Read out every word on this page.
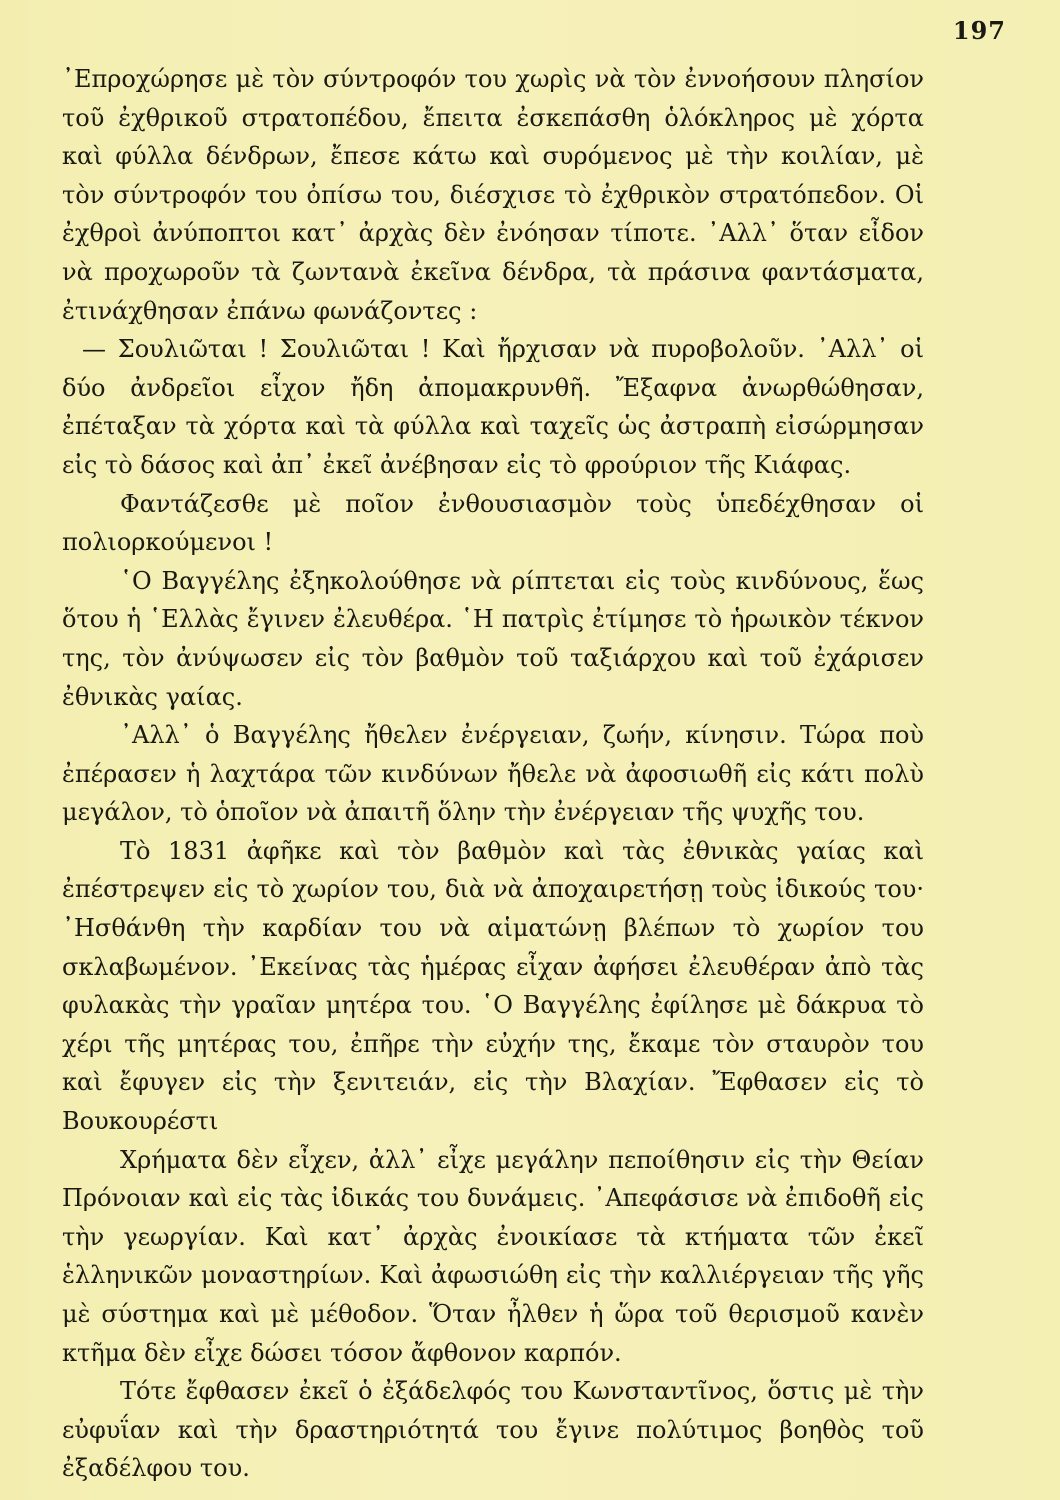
197

᾿Επροχώρησε μὲ τὸν σύντροφόν του χωρὶς νὰ τὸν ἐννοήσουν πλησίον τοῦ ἐχθρικοῦ στρατοπέδου, ἔπειτα ἐσκεπάσθη ὁλόκληρος μὲ χόρτα καὶ φύλλα δένδρων, ἔπεσε κάτω καὶ συρόμενος μὲ τὴν κοιλίαν, μὲ τὸν σύντροφόν του ὀπίσω του, διέσχισε τὸ ἐχθρικὸν στρατόπεδον. Οἱ ἐχθροὶ ἀνύποπτοι κατ᾿ ἀρχὰς δὲν ἐνόησαν τίποτε. ᾿Αλλ᾿ ὅταν εἶδον νὰ προχωροῦν τὰ ζωντανὰ ἐκεῖνα δένδρα, τὰ πράσινα φαντάσματα, ἐτινάχθησαν ἐπάνω φωνάζοντες :

— Σουλιῶται ! Σουλιῶται ! Καὶ ἤρχισαν νὰ πυροβολοῦν. ᾿Αλλ᾿ οἱ δύο ἀνδρεῖοι εἶχον ἤδη ἀπομακρυνθῆ. Ἔξαφνα ἀνωρθώθησαν, ἐπέταξαν τὰ χόρτα καὶ τὰ φύλλα καὶ ταχεῖς ὡς ἀστραπὴ εἰσώρμησαν εἰς τὸ δάσος καὶ ἀπ᾿ ἐκεῖ ἀνέβησαν εἰς τὸ φρούριον τῆς Κιάφας.

Φαντάζεσθε μὲ ποῖον ἐνθουσιασμὸν τοὺς ὑπεδέχθησαν οἱ πολιορκούμενοι !

῾Ο Βαγγέλης ἐξηκολούθησε νὰ ρίπτεται εἰς τοὺς κινδύνους, ἕως ὅτου ἡ ῾Ελλὰς ἔγινεν ἐλευθέρα. ῾Η πατρὶς ἐτίμησε τὸ ἡρωικὸν τέκνον της, τὸν ἀνύψωσεν εἰς τὸν βαθμὸν τοῦ ταξιάρχου καὶ τοῦ ἐχάρισεν ἐθνικὰς γαίας.

᾿Αλλ᾿ ὁ Βαγγέλης ἤθελεν ἐνέργειαν, ζωήν, κίνησιν. Τώρα ποὺ ἐπέρασεν ἡ λαχτάρα τῶν κινδύνων ἤθελε νὰ ἀφοσιωθῆ εἰς κάτι πολὺ μεγάλον, τὸ ὁποῖον νὰ ἀπαιτῆ ὅλην τὴν ἐνέργειαν τῆς ψυχῆς του.

Τὸ 1831 ἀφῆκε καὶ τὸν βαθμὸν καὶ τὰς ἐθνικὰς γαίας καὶ ἐπέστρεψεν εἰς τὸ χωρίον του, διὰ νὰ ἀποχαιρετήσῃ τοὺς ἰδικούς του· ᾿Ησθάνθη τὴν καρδίαν του νὰ αἱματώνῃ βλέπων τὸ χωρίον του σκλαβωμένον. ᾿Εκείνας τὰς ἡμέρας εἶχαν ἀφήσει ἐλευθέραν ἀπὸ τὰς φυλακὰς τὴν γραῖαν μητέρα του. ῾Ο Βαγγέλης ἐφίλησε μὲ δάκρυα τὸ χέρι τῆς μητέρας του, ἐπῆρε τὴν εὐχήν της, ἔκαμε τὸν σταυρὸν του καὶ ἔφυγεν εἰς τὴν ξενιτειάν, εἰς τὴν Βλαχίαν. Ἔφθασεν εἰς τὸ Βουκουρέστι

Χρήματα δὲν εἶχεν, ἀλλ᾿ εἶχε μεγάλην πεποίθησιν εἰς τὴν Θείαν Πρόνοιαν καὶ εἰς τὰς ἰδικάς του δυνάμεις. ᾿Απεφάσισε νὰ ἐπιδοθῆ εἰς τὴν γεωργίαν. Καὶ κατ᾿ ἀρχὰς ἐνοικίασε τὰ κτήματα τῶν ἐκεῖ ἑλληνικῶν μοναστηρίων. Καὶ ἀφωσιώθη εἰς τὴν καλλιέργειαν τῆς γῆς μὲ σύστημα καὶ μὲ μέθοδον. Ὅταν ἦλθεν ἡ ὥρα τοῦ θερισμοῦ κανὲν κτῆμα δὲν εἶχε δώσει τόσον ἄφθονον καρπόν.

Τότε ἔφθασεν ἐκεῖ ὁ ἐξάδελφός του Κωνσταντῖνος, ὅστις μὲ τὴν εὐφυΐαν καὶ τὴν δραστηριότητά του ἔγινε πολύτιμος βοηθὸς τοῦ ἐξαδέλφου του.
